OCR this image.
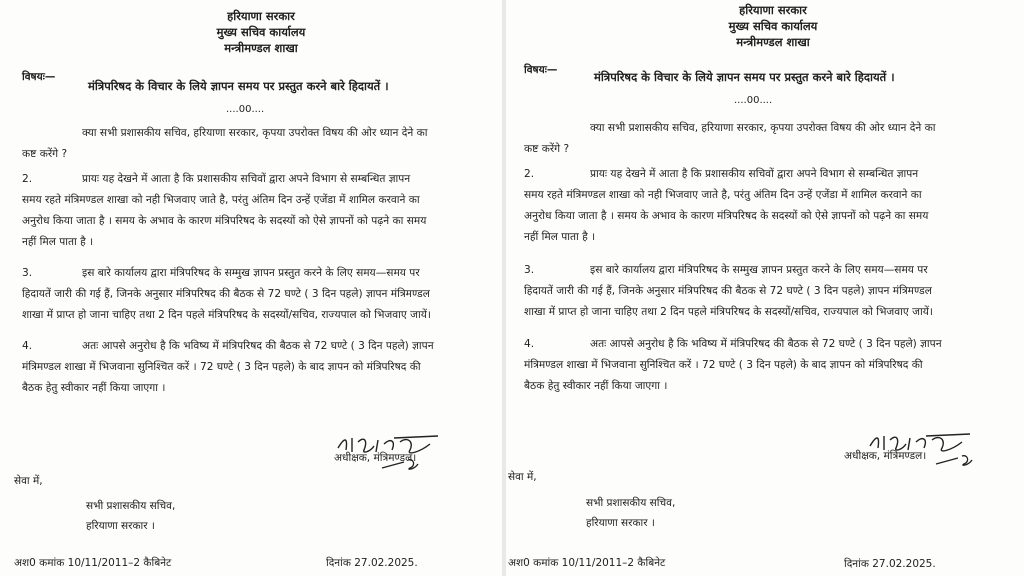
हरियाणा सरकार
मुख्य सचिव कार्यालय
मन्त्रीमण्डल शाखा
विषयः—
मंत्रिपरिषद के विचार के लिये ज्ञापन समय पर प्रस्तुत करने बारे हिदायतें ।
....00....
क्या सभी प्रशासकीय सचिव, हरियाणा सरकार, कृपया उपरोक्त विषय की ओर ध्यान देने का
कष्ट करेंगे ?
2.	प्रायः यह देखने में आता है कि प्रशासकीय सचिवों द्वारा अपने विभाग से सम्बन्धित ज्ञापन
समय रहते मंत्रिमण्डल शाखा को नही भिजवाए जाते है, परंतु अंतिम दिन उन्हें एजेंडा में शामिल करवाने का
अनुरोध किया जाता है । समय के अभाव के कारण मंत्रिपरिषद के सदस्यों को ऐसे ज्ञापनों को पढ़ने का समय
नहीं मिल पाता है ।
3.	इस बारे कार्यालय द्वारा मंत्रिपरिषद के सम्मुख ज्ञापन प्रस्तुत करने के लिए समय—समय पर
हिदायतें जारी की गई हैं, जिनके अनुसार मंत्रिपरिषद की बैठक से 72 घण्टे ( 3 दिन पहले) ज्ञापन मंत्रिमण्डल
शाखा में प्राप्त हो जाना चाहिए तथा 2 दिन पहले मंत्रिपरिषद के सदस्यों/सचिव, राज्यपाल को भिजवाए जायें।
4.	अतः आपसे अनुरोध है कि भविष्य में मंत्रिपरिषद की बैठक से 72 घण्टे ( 3 दिन पहले) ज्ञापन
मंत्रिमण्डल शाखा में भिजवाना सुनिश्चित करें । 72 घण्टे ( 3 दिन पहले) के बाद ज्ञापन को मंत्रिपरिषद की
बैठक हेतु स्वीकार नहीं किया जाएगा ।
अधीक्षक, मंत्रिमण्डल।
सेवा में,
सभी प्रशासकीय सचिव,
हरियाणा सरकार ।
अश0 कमांक 10/11/2011–2 कैबिनेट	दिनांक 27.02.2025.
हरियाणा सरकार
मुख्य सचिव कार्यालय
मन्त्रीमण्डल शाखा
विषयः—	मंत्रिपरिषद के विचार के लिये ज्ञापन समय पर प्रस्तुत करने बारे हिदायतें ।
....00....
क्या सभी प्रशासकीय सचिव, हरियाणा सरकार, कृपया उपरोक्त विषय की ओर ध्यान देने का
कष्ट करेंगे ?
2.	प्रायः यह देखने में आता है कि प्रशासकीय सचिवों द्वारा अपने विभाग से सम्बन्धित ज्ञापन
समय रहते मंत्रिमण्डल शाखा को नही भिजवाए जाते है, परंतु अंतिम दिन उन्हें एजेंडा में शामिल करवाने का
अनुरोध किया जाता है । समय के अभाव के कारण मंत्रिपरिषद के सदस्यों को ऐसे ज्ञापनों को पढ़ने का समय
नहीं मिल पाता है ।
3.	इस बारे कार्यालय द्वारा मंत्रिपरिषद के सम्मुख ज्ञापन प्रस्तुत करने के लिए समय—समय पर
हिदायतें जारी की गई हैं, जिनके अनुसार मंत्रिपरिषद की बैठक से 72 घण्टे ( 3 दिन पहले) ज्ञापन मंत्रिमण्डल
शाखा में प्राप्त हो जाना चाहिए तथा 2 दिन पहले मंत्रिपरिषद के सदस्यों/सचिव, राज्यपाल को भिजवाए जायें।
4.	अतः आपसे अनुरोध है कि भविष्य में मंत्रिपरिषद की बैठक से 72 घण्टे ( 3 दिन पहले) ज्ञापन
मंत्रिमण्डल शाखा में भिजवाना सुनिश्चित करें । 72 घण्टे ( 3 दिन पहले) के बाद ज्ञापन को मंत्रिपरिषद की
बैठक हेतु स्वीकार नहीं किया जाएगा ।
अधीक्षक, मंत्रिमण्डल।
सेवा में,
सभी प्रशासकीय सचिव,
हरियाणा सरकार ।
अश0 कमांक 10/11/2011–2 कैबिनेट	दिनांक 27.02.2025.
